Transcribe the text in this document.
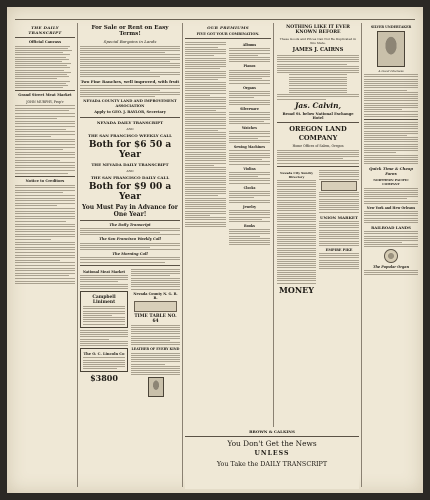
THE DAILY TRANSCRIPT
Official Canvass
Grand Street Meat Market
JOHN MURPHY, Prop'r
Notice to Creditors
For Sale or Rent on Easy Terms!
Special Bargains in Lands
Two Fine Ranches, well improved, with fruit
NEVADA COUNTY LAND AND IMPROVEMENT ASSOCIATION
Apply to GEO. J. BAYLOR, Secretary
NEVADA DAILY TRANSCRIPT
AND
THE SAN FRANCISCO WEEKLY CALL
Both for $6 50 a Year
THE NEVADA DAILY TRANSCRIPT
AND
THE SAN FRANCISCO DAILY CALL
Both for $9 00 a Year
You Must Pay in Advance for One Year!
The Daily Transcript
The San Francisco Weekly Call
The Morning Call
National Meat Market
Campbell Liniment
The O. C. Lincoln Co
$3800
Nevada County N. G. R. R.
TIME TABLE NO. 64
LEATHER OF EVERY KIND
OUR PREMIUMS
FIVE GOT YOUR COMBINATION.
Albums
Pianos
Organs
Silverware
Watches
Sewing Machines
Violins
Clocks
Jewelry
Books
NOTHING LIKE IT EVER KNOWN BEFORE
These Goods and Prices Can Not Be Duplicated in this State.
JAMES J. CAIRNS
Jas. Calvin,
Broad St. below National Exchange Hotel
OREGON LAND COMPANY
Home Offices of Salem, Oregon
Nevada City Sundry Directory
MONEY
UNION MARKET
EMPIRE PIKE
SILVER UNDERTAKER
A Good Likeness
Quick Time & Cheap Fares
NORTHERN PACIFIC COMPANY
New York and Hew Orleans
RAILROAD LANDS
The Popular Organ
BROWN & CALKINS
You Don't Get the News
UNLESS
You Take the DAILY TRANSCRIPT
